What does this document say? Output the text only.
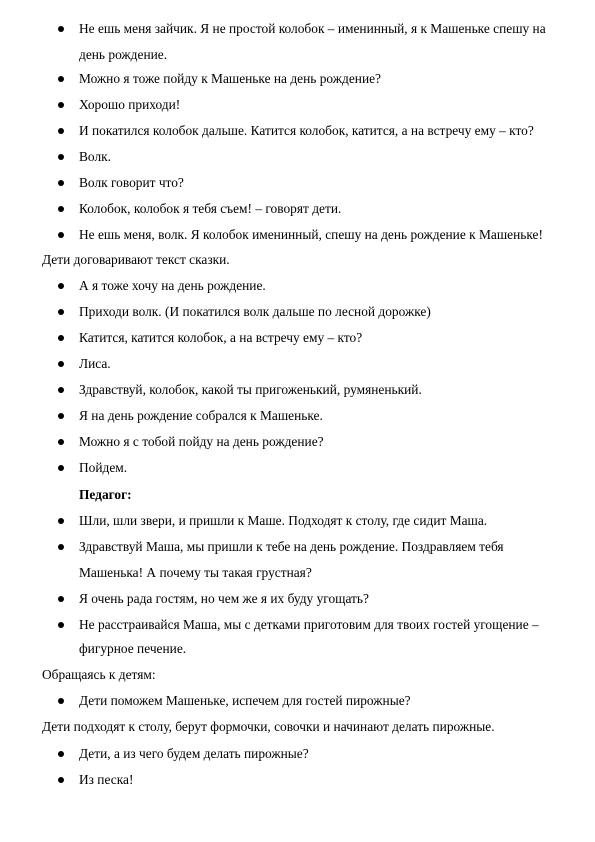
Не ешь меня зайчик. Я не простой колобок – именинный, я к Машеньке спешу на
день рождение.
Можно я тоже пойду к Машеньке на день рождение?
Хорошо приходи!
И покатился колобок дальше. Катится колобок, катится, а на встречу ему – кто?
Волк.
Волк говорит что?
Колобок, колобок я тебя съем! – говорят дети.
Не ешь меня, волк. Я колобок именинный, спешу на день рождение к Машеньке!
Дети договаривают текст сказки.
А я тоже хочу на день рождение.
Приходи волк. (И покатился волк дальше по лесной дорожке)
Катится, катится колобок, а на встречу ему – кто?
Лиса.
Здравствуй, колобок, какой ты пригоженький, румяненький.
Я на день рождение собрался к Машеньке.
Можно я с тобой пойду на день рождение?
Пойдем.
Педагог:
Шли, шли звери, и пришли к Маше. Подходят к столу, где сидит Маша.
Здравствуй Маша, мы пришли к тебе на день рождение. Поздравляем тебя
Машенька! А почему ты такая грустная?
Я очень рада гостям, но чем же я их буду угощать?
Не расстраивайся Маша, мы с детками приготовим для твоих гостей угощение –
фигурное печение.
Обращаясь к детям:
Дети поможем Машеньке, испечем для гостей пирожные?
Дети подходят к столу, берут формочки, совочки и начинают делать пирожные.
Дети, а из чего будем делать пирожные?
Из песка!
